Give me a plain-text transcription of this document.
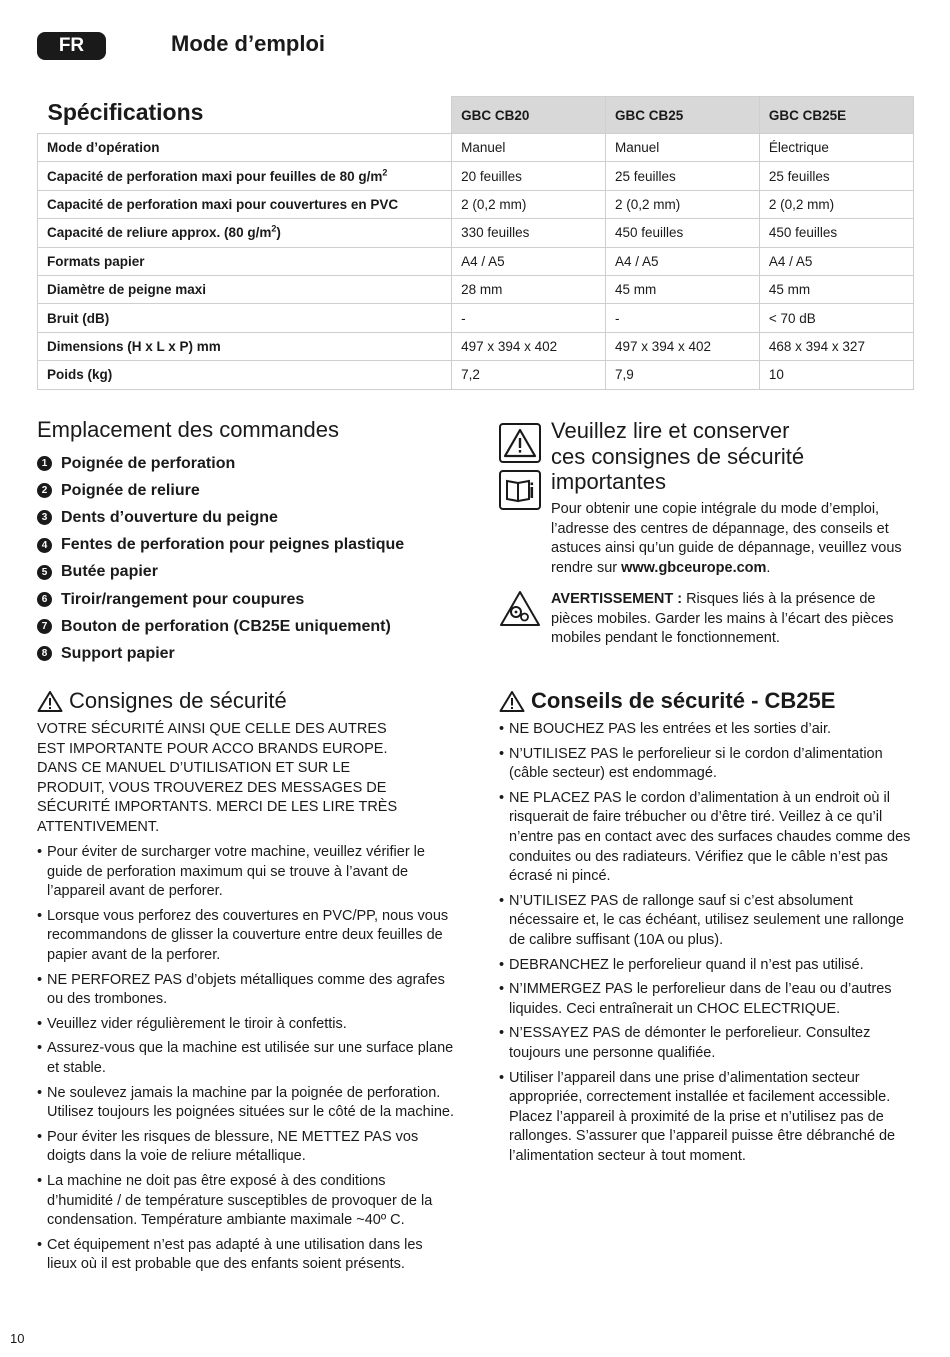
FR	Mode d’emploi
Spécifications	GBC CB20	GBC CB25	GBC CB25E
Mode d’opération	Manuel	Manuel	Électrique
Capacité de perforation maxi pour feuilles de 80 $g/m^2$	20 feuilles	25 feuilles	25 feuilles
Capacité de perforation maxi pour couvertures en PVC	2 (0,2 mm)	2 (0,2 mm)	2 (0,2 mm)
Capacité de reliure approx. (80 $g/m^2$)	330 feuilles	450 feuilles	450 feuilles
Formats papier	A4 / A5	A4 / A5	A4 / A5
Diamètre de peigne maxi	28 mm	45 mm	45 mm
Bruit (dB)	-	-	< 70 dB
Dimensions (H x L x P) mm	497 x 394 x 402	497 x 394 x 402	468 x 394 x 327
Poids (kg)	7,2	7,9	10
Emplacement des commandes
1 Poignée de perforation
2 Poignée de reliure
3 Dents d’ouverture du peigne
4 Fentes de perforation pour peignes plastique
5 Butée papier
6 Tiroir/rangement pour coupures
7 Bouton de perforation (CB25E uniquement)
8 Support papier
Veuillez lire et conserver
ces consignes de sécurité
importantes
Pour obtenir une copie intégrale du mode d’emploi, l’adresse des centres de dépannage, des conseils et astuces ainsi qu’un guide de dépannage, veuillez vous rendre sur www.gbceurope.com.
AVERTISSEMENT : Risques liés à la présence de pièces mobiles. Garder les mains à l’écart des pièces mobiles pendant le fonctionnement.
Consignes de sécurité
VOTRE SÉCURITÉ AINSI QUE CELLE DES AUTRES EST IMPORTANTE POUR ACCO BRANDS EUROPE. DANS CE MANUEL D’UTILISATION ET SUR LE PRODUIT, VOUS TROUVEREZ DES MESSAGES DE SÉCURITÉ IMPORTANTS. MERCI DE LES LIRE TRÈS ATTENTIVEMENT.
• Pour éviter de surcharger votre machine, veuillez vérifier le guide de perforation maximum qui se trouve à l’avant de l’appareil avant de perforer.
• Lorsque vous perforez des couvertures en PVC/PP, nous vous recommandons de glisser la couverture entre deux feuilles de papier avant de la perforer.
• NE PERFOREZ PAS d’objets métalliques comme des agrafes ou des trombones.
• Veuillez vider régulièrement le tiroir à confettis.
• Assurez-vous que la machine est utilisée sur une surface plane et stable.
• Ne soulevez jamais la machine par la poignée de perforation. Utilisez toujours les poignées situées sur le côté de la machine.
• Pour éviter les risques de blessure, NE METTEZ PAS vos doigts dans la voie de reliure métallique.
• La machine ne doit pas être exposé à des conditions d’humidité / de température susceptibles de provoquer de la condensation. Température ambiante maximale ~40º C.
• Cet équipement n’est pas adapté à une utilisation dans les lieux où il est probable que des enfants soient présents.
Conseils de sécurité - CB25E
• NE BOUCHEZ PAS les entrées et les sorties d’air.
• N’UTILISEZ PAS le perforelieur si le cordon d’alimentation (câble secteur) est endommagé.
• NE PLACEZ PAS le cordon d’alimentation à un endroit où il risquerait de faire trébucher ou d’être tiré. Veillez à ce qu’il n’entre pas en contact avec des surfaces chaudes comme des conduites ou des radiateurs. Vérifiez que le câble n’est pas écrasé ni pincé.
• N’UTILISEZ PAS de rallonge sauf si c’est absolument nécessaire et, le cas échéant, utilisez seulement une rallonge de calibre suffisant (10A ou plus).
• DEBRANCHEZ le perforelieur quand il n’est pas utilisé.
• N’IMMERGEZ PAS le perforelieur dans de l’eau ou d’autres liquides. Ceci entraînerait un CHOC ELECTRIQUE.
• N’ESSAYEZ PAS de démonter le perforelieur. Consultez toujours une personne qualifiée.
• Utiliser l’appareil dans une prise d’alimentation secteur appropriée, correctement installée et facilement accessible. Placez l’appareil à proximité de la prise et n’utilisez pas de rallonges. S’assurer que l’appareil puisse être débranché de l’alimentation secteur à tout moment.
10
